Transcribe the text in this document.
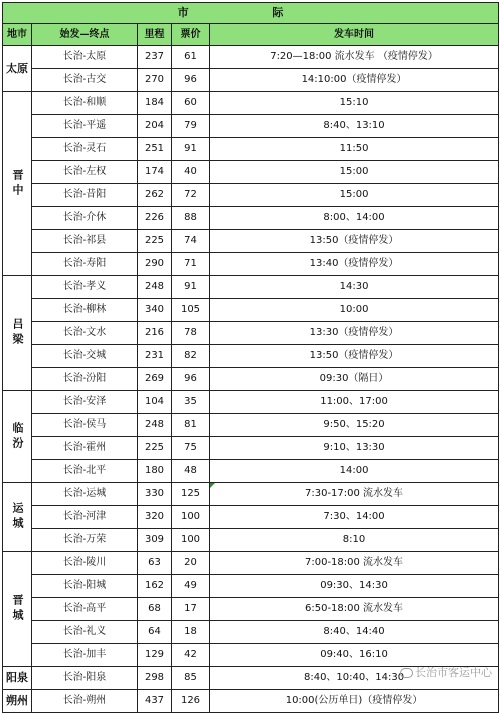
市 际				
地市	始发—终点	里程	票价	发车时间
太原	长治-太原	237	61	7:20—18:00 流水发车 （疫情停发）
	长治-古交	270	96	14:10:00（疫情停发）
晋中	长治-和顺	184	60	15:10
	长治-平遥	204	79	8:40、13:10
	长治-灵石	251	91	11:50
	长治-左权	174	40	15:00
	长治-昔阳	262	72	15:00
	长治-介休	226	88	8:00、14:00
	长治-祁县	225	74	13:50（疫情停发）
	长治-寿阳	290	71	13:40（疫情停发）
吕梁	长治-孝义	248	91	14:30
	长治-柳林	340	105	10:00
	长治-文水	216	78	13:30（疫情停发）
	长治-交城	231	82	13:50（疫情停发）
	长治-汾阳	269	96	09:30（隔日）
临汾	长治-安泽	104	35	11:00、17:00
	长治-侯马	248	81	9:50、15:20
	长治-霍州	225	75	9:10、13:30
	长治-北平	180	48	14:00
运城	长治-运城	330	125	7:30-17:00 流水发车
	长治-河津	320	100	7:30、14:00
	长治-万荣	309	100	8:10
晋城	长治-陵川	63	20	7:00-18:00 流水发车
	长治-阳城	162	49	09:30、14:30
	长治-高平	68	17	6:50-18:00 流水发车
	长治-礼义	64	18	8:40、14:40
	长治-加丰	129	42	09:40、16:10
阳泉	长治-阳泉	298	85	8:40、10:40、14:30
朔州	长治-朔州	437	126	10:00(公历单日)（疫情停发）
长治市客运中心
